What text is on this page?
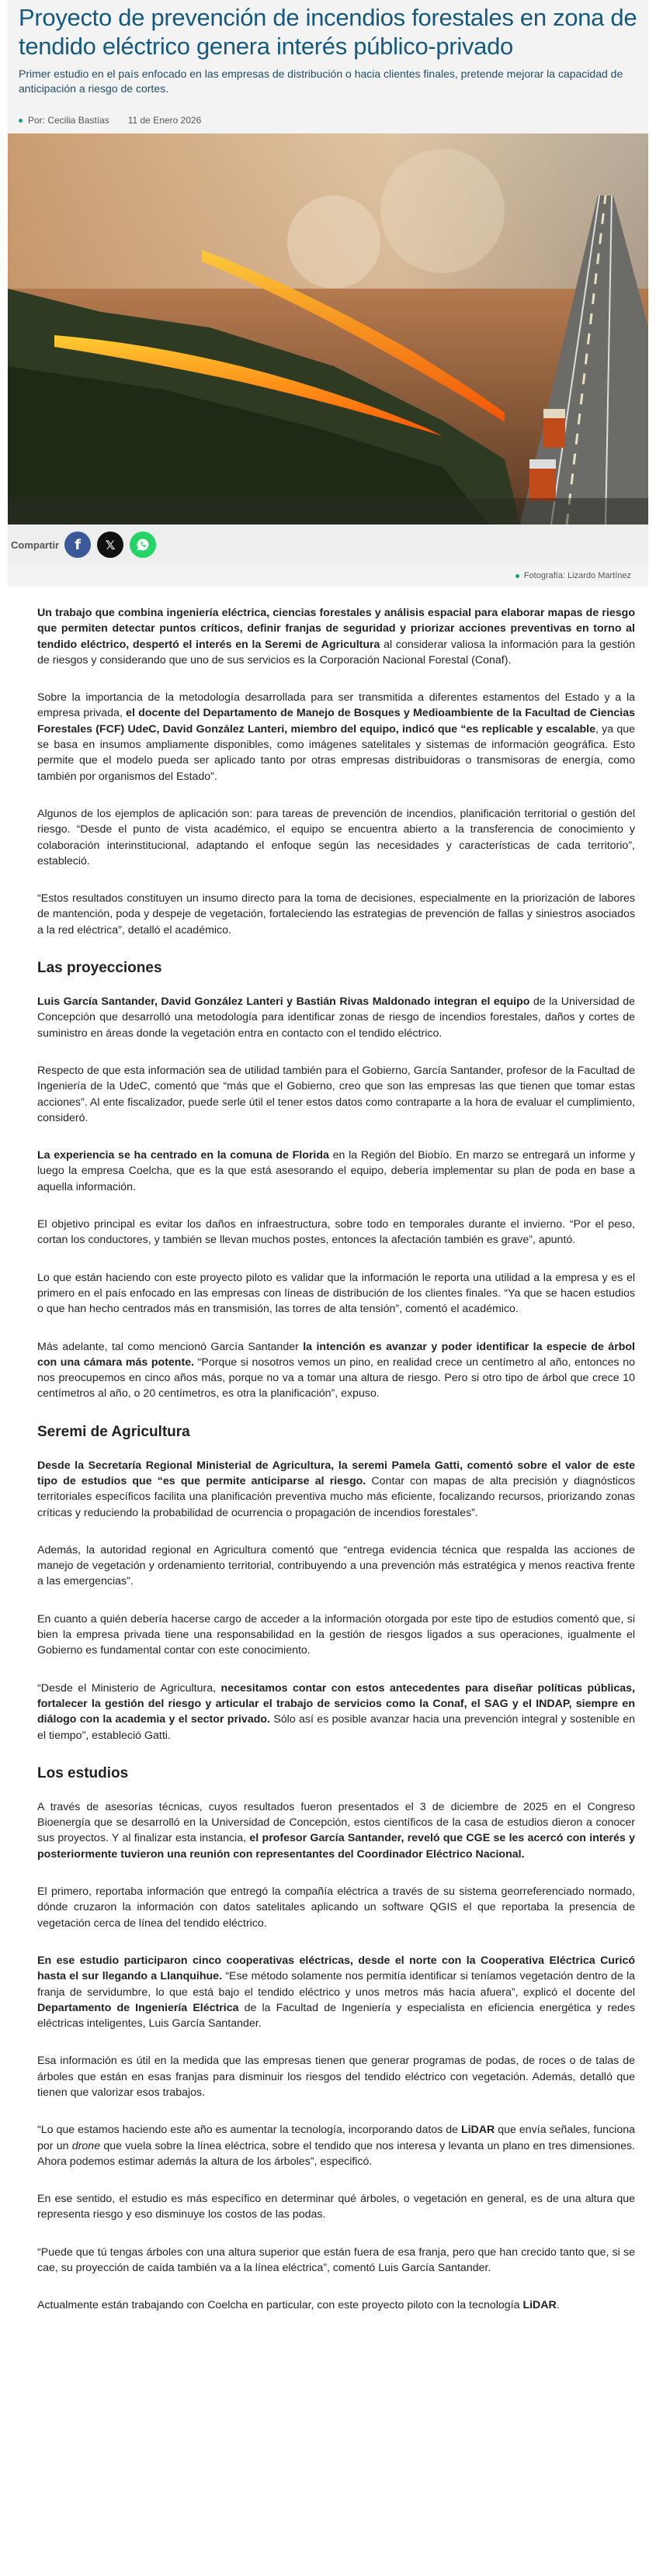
Proyecto de prevención de incendios forestales en zona de tendido eléctrico genera interés público-privado

Primer estudio en el país enfocado en las empresas de distribución o hacia clientes finales, pretende mejorar la capacidad de anticipación a riesgo de cortes.

Por: Cecilia Bastías 11 de Enero 2026
Compartir	f	𝕏
Fotografía: Lizardo Martínez

Un trabajo que combina ingeniería eléctrica, ciencias forestales y análisis espacial para elaborar mapas de riesgo que permiten detectar puntos críticos, definir franjas de seguridad y priorizar acciones preventivas en torno al tendido eléctrico, despertó el interés en la Seremi de Agricultura al considerar valiosa la información para la gestión de riesgos y considerando que uno de sus servicios es la Corporación Nacional Forestal (Conaf).

Sobre la importancia de la metodología desarrollada para ser transmitida a diferentes estamentos del Estado y a la empresa privada, el docente del Departamento de Manejo de Bosques y Medioambiente de la Facultad de Ciencias Forestales (FCF) UdeC, David González Lanteri, miembro del equipo, indicó que “es replicable y escalable, ya que se basa en insumos ampliamente disponibles, como imágenes satelitales y sistemas de información geográfica. Esto permite que el modelo pueda ser aplicado tanto por otras empresas distribuidoras o transmisoras de energía, como también por organismos del Estado”.

Algunos de los ejemplos de aplicación son: para tareas de prevención de incendios, planificación territorial o gestión del riesgo. “Desde el punto de vista académico, el equipo se encuentra abierto a la transferencia de conocimiento y colaboración interinstitucional, adaptando el enfoque según las necesidades y características de cada territorio”, estableció.

“Estos resultados constituyen un insumo directo para la toma de decisiones, especialmente en la priorización de labores de mantención, poda y despeje de vegetación, fortaleciendo las estrategias de prevención de fallas y siniestros asociados a la red eléctrica”, detalló el académico.

Las proyecciones

Luis García Santander, David González Lanteri y Bastián Rivas Maldonado integran el equipo de la Universidad de Concepción que desarrolló una metodología para identificar zonas de riesgo de incendios forestales, daños y cortes de suministro en áreas donde la vegetación entra en contacto con el tendido eléctrico.

Respecto de que esta información sea de utilidad también para el Gobierno, García Santander, profesor de la Facultad de Ingeniería de la UdeC, comentó que “más que el Gobierno, creo que son las empresas las que tienen que tomar estas acciones”. Al ente fiscalizador, puede serle útil el tener estos datos como contraparte a la hora de evaluar el cumplimiento, consideró.

La experiencia se ha centrado en la comuna de Florida en la Región del Biobío. En marzo se entregará un informe y luego la empresa Coelcha, que es la que está asesorando el equipo, debería implementar su plan de poda en base a aquella información.

El objetivo principal es evitar los daños en infraestructura, sobre todo en temporales durante el invierno. “Por el peso, cortan los conductores, y también se llevan muchos postes, entonces la afectación también es grave”, apuntó.

Lo que están haciendo con este proyecto piloto es validar que la información le reporta una utilidad a la empresa y es el primero en el país enfocado en las empresas con líneas de distribución de los clientes finales. “Ya que se hacen estudios o que han hecho centrados más en transmisión, las torres de alta tensión”, comentó el académico.

Más adelante, tal como mencionó García Santander la intención es avanzar y poder identificar la especie de árbol con una cámara más potente. “Porque si nosotros vemos un pino, en realidad crece un centímetro al año, entonces no nos preocupemos en cinco años más, porque no va a tomar una altura de riesgo. Pero si otro tipo de árbol que crece 10 centímetros al año, o 20 centímetros, es otra la planificación”, expuso.

Seremi de Agricultura

Desde la Secretaría Regional Ministerial de Agricultura, la seremi Pamela Gatti, comentó sobre el valor de este tipo de estudios que “es que permite anticiparse al riesgo. Contar con mapas de alta precisión y diagnósticos territoriales específicos facilita una planificación preventiva mucho más eficiente, focalizando recursos, priorizando zonas críticas y reduciendo la probabilidad de ocurrencia o propagación de incendios forestales”.

Además, la autoridad regional en Agricultura comentó que “entrega evidencia técnica que respalda las acciones de manejo de vegetación y ordenamiento territorial, contribuyendo a una prevención más estratégica y menos reactiva frente a las emergencias”.

En cuanto a quién debería hacerse cargo de acceder a la información otorgada por este tipo de estudios comentó que, si bien la empresa privada tiene una responsabilidad en la gestión de riesgos ligados a sus operaciones, igualmente el Gobierno es fundamental contar con este conocimiento.

“Desde el Ministerio de Agricultura, necesitamos contar con estos antecedentes para diseñar políticas públicas, fortalecer la gestión del riesgo y articular el trabajo de servicios como la Conaf, el SAG y el INDAP, siempre en diálogo con la academia y el sector privado. Sólo así es posible avanzar hacia una prevención integral y sostenible en el tiempo”, estableció Gatti.

Los estudios

A través de asesorías técnicas, cuyos resultados fueron presentados el 3 de diciembre de 2025 en el Congreso Bioenergía que se desarrolló en la Universidad de Concepción, estos científicos de la casa de estudios dieron a conocer sus proyectos. Y al finalizar esta instancia, el profesor García Santander, reveló que CGE se les acercó con interés y posteriormente tuvieron una reunión con representantes del Coordinador Eléctrico Nacional.

El primero, reportaba información que entregó la compañía eléctrica a través de su sistema georreferenciado normado, dónde cruzaron la información con datos satelitales aplicando un software QGIS el que reportaba la presencia de vegetación cerca de línea del tendido eléctrico.

En ese estudio participaron cinco cooperativas eléctricas, desde el norte con la Cooperativa Eléctrica Curicó hasta el sur llegando a Llanquihue. “Ese método solamente nos permitía identificar si teníamos vegetación dentro de la franja de servidumbre, lo que está bajo el tendido eléctrico y unos metros más hacia afuera”, explicó el docente del Departamento de Ingeniería Eléctrica de la Facultad de Ingeniería y especialista en eficiencia energética y redes eléctricas inteligentes, Luis García Santander.

Esa información es útil en la medida que las empresas tienen que generar programas de podas, de roces o de talas de árboles que están en esas franjas para disminuir los riesgos del tendido eléctrico con vegetación. Además, detalló que tienen que valorizar esos trabajos.

“Lo que estamos haciendo este año es aumentar la tecnología, incorporando datos de LiDAR que envía señales, funciona por un drone que vuela sobre la línea eléctrica, sobre el tendido que nos interesa y levanta un plano en tres dimensiones. Ahora podemos estimar además la altura de los árboles”, especificó.

En ese sentido, el estudio es más específico en determinar qué árboles, o vegetación en general, es de una altura que representa riesgo y eso disminuye los costos de las podas.

“Puede que tú tengas árboles con una altura superior que están fuera de esa franja, pero que han crecido tanto que, si se cae, su proyección de caída también va a la línea eléctrica”, comentó Luis García Santander.

Actualmente están trabajando con Coelcha en particular, con este proyecto piloto con la tecnología LiDAR.
